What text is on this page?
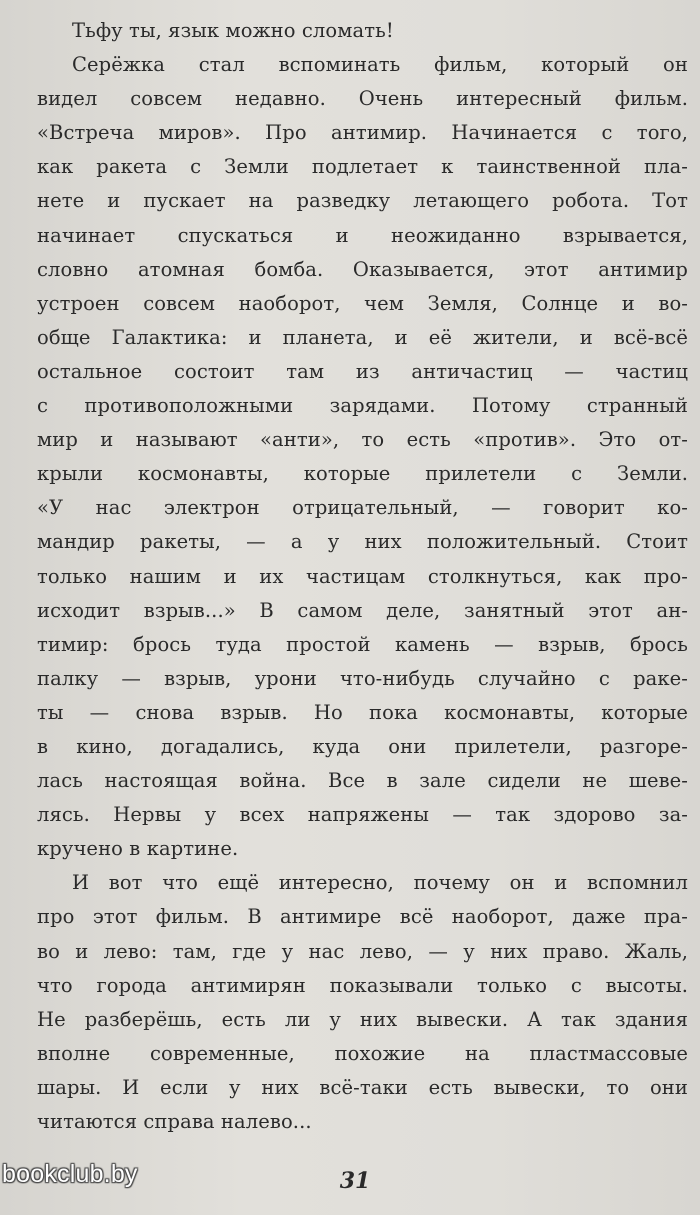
Тьфу ты, язык можно сломать!
Серёжка стал вспоминать фильм, который он
видел совсем недавно. Очень интересный фильм.
«Встреча миров». Про антимир. Начинается с того,
как ракета с Земли подлетает к таинственной пла-
нете и пускает на разведку летающего робота. Тот
начинает спускаться и неожиданно взрывается,
словно атомная бомба. Оказывается, этот антимир
устроен совсем наоборот, чем Земля, Солнце и во-
обще Галактика: и планета, и её жители, и всё-всё
остальное состоит там из античастиц — частиц
с противоположными зарядами. Потому странный
мир и называют «анти», то есть «против». Это от-
крыли космонавты, которые прилетели с Земли.
«У нас электрон отрицательный, — говорит ко-
мандир ракеты, — а у них положительный. Стоит
только нашим и их частицам столкнуться, как про-
исходит взрыв...» В самом деле, занятный этот ан-
тимир: брось туда простой камень — взрыв, брось
палку — взрыв, урони что-нибудь случайно с раке-
ты — снова взрыв. Но пока космонавты, которые
в кино, догадались, куда они прилетели, разгоре-
лась настоящая война. Все в зале сидели не шеве-
лясь. Нервы у всех напряжены — так здорово за-
кручено в картине.
И вот что ещё интересно, почему он и вспомнил
про этот фильм. В антимире всё наоборот, даже пра-
во и лево: там, где у нас лево, — у них право. Жаль,
что города антимирян показывали только с высоты.
Не разберёшь, есть ли у них вывески. А так здания
вполне современные, похожие на пластмассовые
шары. И если у них всё-таки есть вывески, то они
читаются справа налево...
31
bookclub.by
